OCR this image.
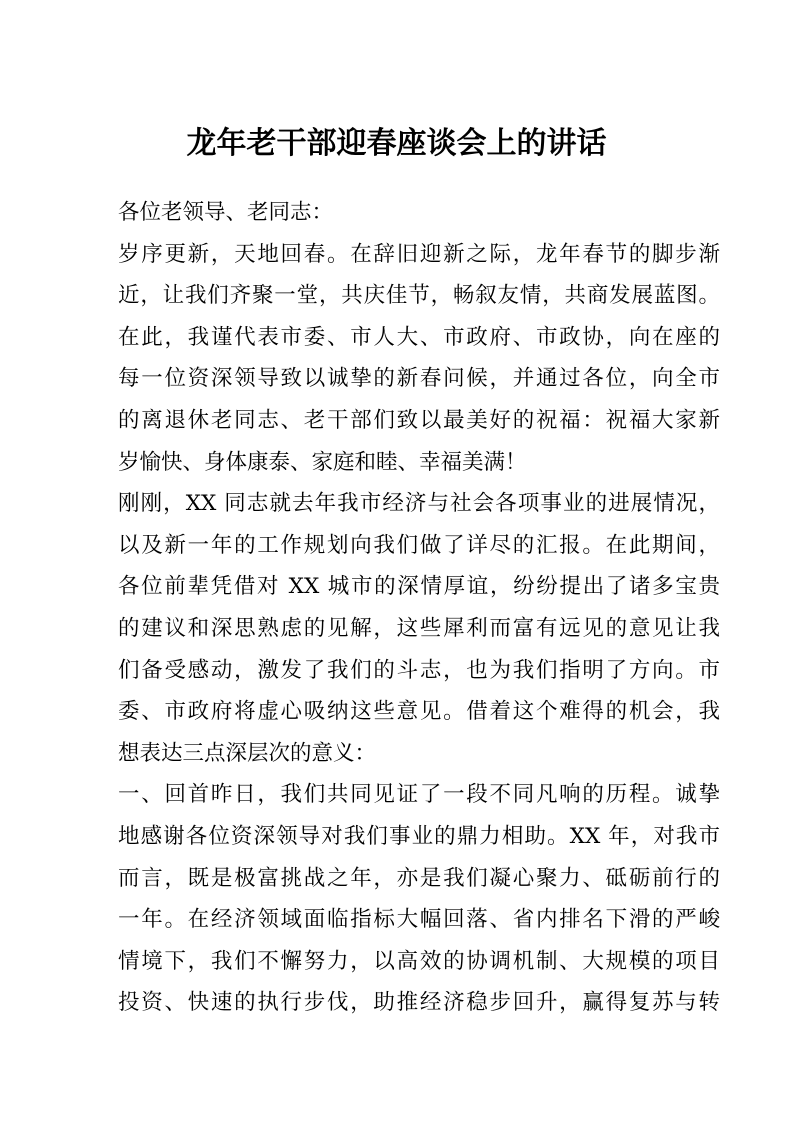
龙年老干部迎春座谈会上的讲话
各位老领导、老同志：
岁序更新，天地回春。在辞旧迎新之际，龙年春节的脚步渐
近，让我们齐聚一堂，共庆佳节，畅叙友情，共商发展蓝图。
在此，我谨代表市委、市人大、市政府、市政协，向在座的
每一位资深领导致以诚挚的新春问候，并通过各位，向全市
的离退休老同志、老干部们致以最美好的祝福：祝福大家新
岁愉快、身体康泰、家庭和睦、幸福美满！
刚刚，XX 同志就去年我市经济与社会各项事业的进展情况，
以及新一年的工作规划向我们做了详尽的汇报。在此期间，
各位前辈凭借对 XX 城市的深情厚谊，纷纷提出了诸多宝贵
的建议和深思熟虑的见解，这些犀利而富有远见的意见让我
们备受感动，激发了我们的斗志，也为我们指明了方向。市
委、市政府将虚心吸纳这些意见。借着这个难得的机会，我
想表达三点深层次的意义：
一、回首昨日，我们共同见证了一段不同凡响的历程。诚挚
地感谢各位资深领导对我们事业的鼎力相助。XX 年，对我市
而言，既是极富挑战之年，亦是我们凝心聚力、砥砺前行的
一年。在经济领域面临指标大幅回落、省内排名下滑的严峻
情境下，我们不懈努力，以高效的协调机制、大规模的项目
投资、快速的执行步伐，助推经济稳步回升，赢得复苏与转
